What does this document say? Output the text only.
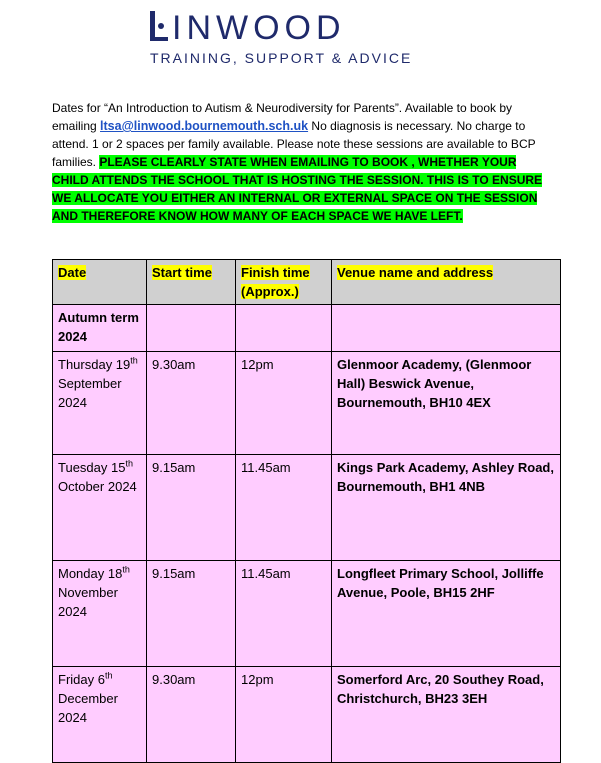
INWOOD
TRAINING, SUPPORT & ADVICE
Dates for “An Introduction to Autism & Neurodiversity for Parents”. Available to book by emailing ltsa@linwood.bournemouth.sch.uk No diagnosis is necessary. No charge to attend. 1 or 2 spaces per family available. Please note these sessions are available to BCP families. PLEASE CLEARLY STATE WHEN EMAILING TO BOOK , WHETHER YOUR CHILD ATTENDS THE SCHOOL THAT IS HOSTING THE SESSION. THIS IS TO ENSURE WE ALLOCATE YOU EITHER AN INTERNAL OR EXTERNAL SPACE ON THE SESSION AND THEREFORE KNOW HOW MANY OF EACH SPACE WE HAVE LEFT.
Date	Start time	Finish time
(Approx.)	Venue name and address
Autumn term 2024			
Thursday 19th
September 2024	9.30am	12pm	Glenmoor Academy, (Glenmoor Hall) Beswick Avenue, Bournemouth, BH10 4EX
Tuesday 15th
October 2024	9.15am	11.45am	Kings Park Academy, Ashley Road, Bournemouth, BH1 4NB
Monday 18th
November 2024	9.15am	11.45am	Longfleet Primary School, Jolliffe Avenue, Poole, BH15 2HF
Friday 6th
December 2024	9.30am	12pm	Somerford Arc, 20 Southey Road, Christchurch, BH23 3EH
